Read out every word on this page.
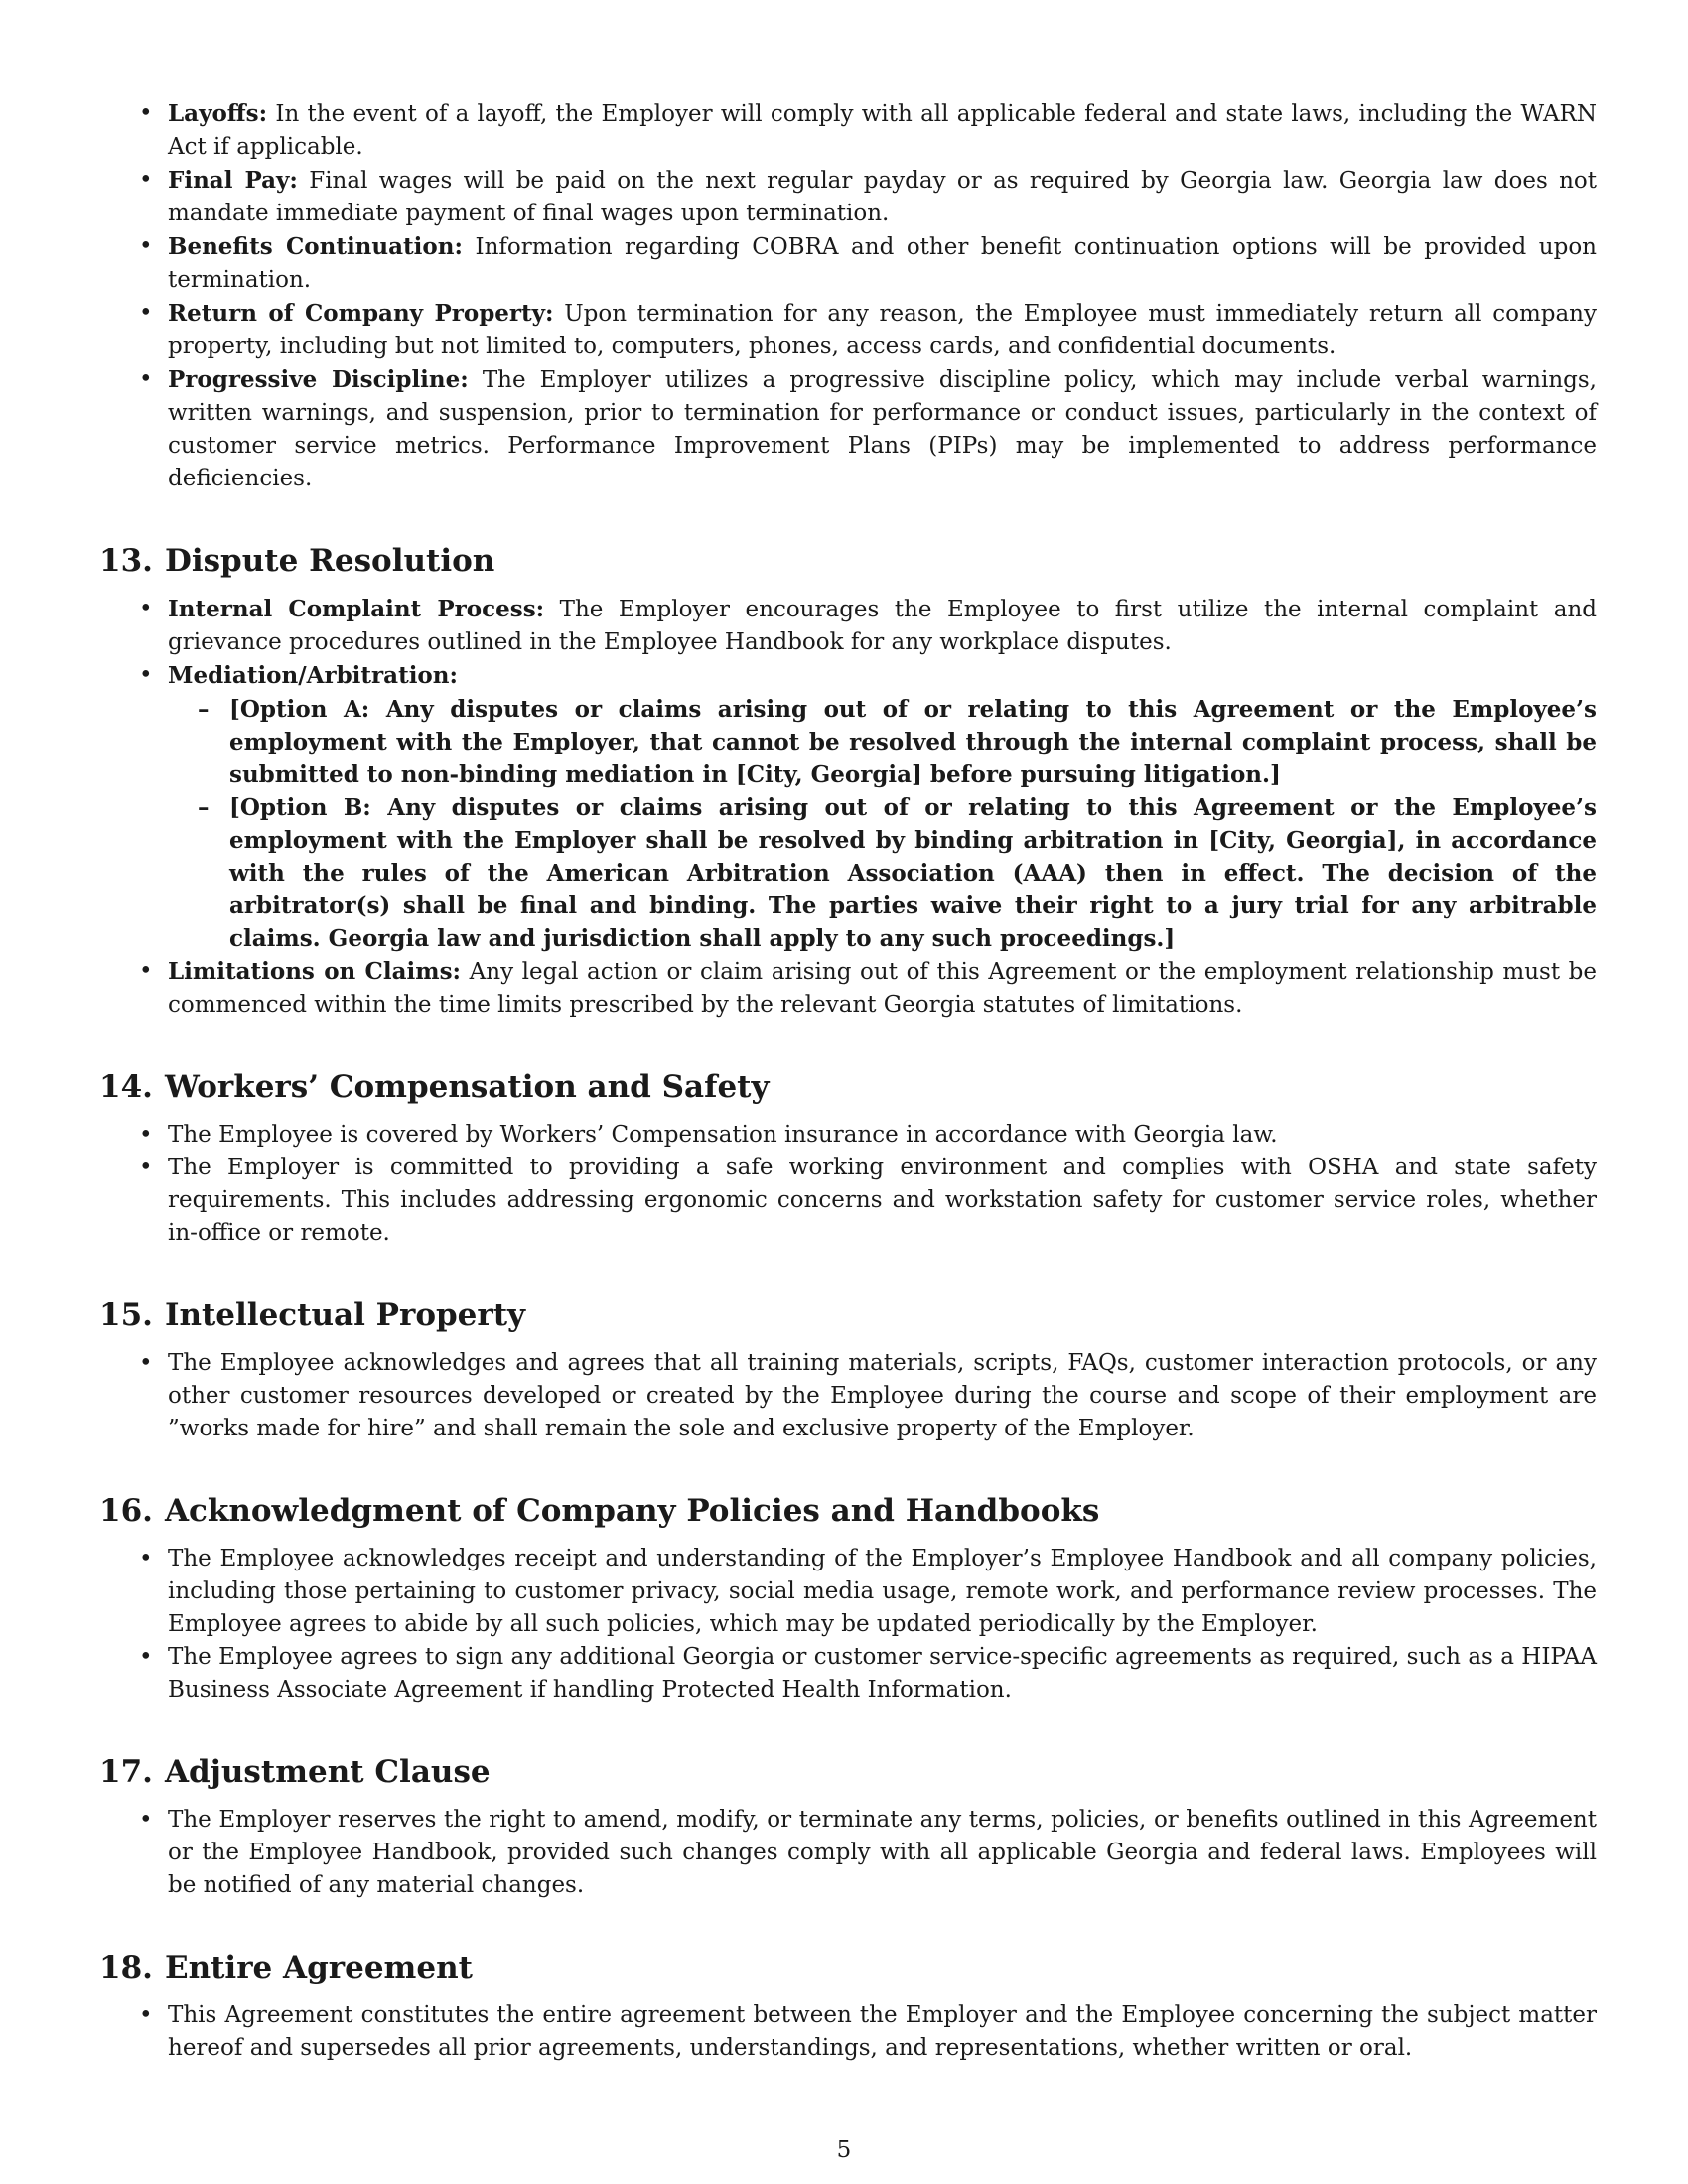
• Layoffs: In the event of a layoff, the Employer will comply with all applicable federal and state laws, including the WARN Act if applicable.
• Final Pay: Final wages will be paid on the next regular payday or as required by Georgia law. Georgia law does not mandate immediate payment of final wages upon termination.
• Benefits Continuation: Information regarding COBRA and other benefit continuation options will be provided upon termination.
• Return of Company Property: Upon termination for any reason, the Employee must immediately return all company property, including but not limited to, computers, phones, access cards, and confidential documents.
• Progressive Discipline: The Employer utilizes a progressive discipline policy, which may include verbal warnings, written warnings, and suspension, prior to termination for performance or conduct issues, particularly in the context of customer service metrics. Performance Improvement Plans (PIPs) may be implemented to address performance deficiencies.
13. Dispute Resolution
• Internal Complaint Process: The Employer encourages the Employee to first utilize the internal complaint and grievance procedures outlined in the Employee Handbook for any workplace disputes.
• Mediation/Arbitration:
– [Option A: Any disputes or claims arising out of or relating to this Agreement or the Employee’s employment with the Employer, that cannot be resolved through the internal complaint process, shall be submitted to non-binding mediation in [City, Georgia] before pursuing litigation.]
– [Option B: Any disputes or claims arising out of or relating to this Agreement or the Employee’s employment with the Employer shall be resolved by binding arbitration in [City, Georgia], in accordance with the rules of the American Arbitration Association (AAA) then in effect. The decision of the arbitrator(s) shall be final and binding. The parties waive their right to a jury trial for any arbitrable claims. Georgia law and jurisdiction shall apply to any such proceedings.]
• Limitations on Claims: Any legal action or claim arising out of this Agreement or the employment relationship must be commenced within the time limits prescribed by the relevant Georgia statutes of limitations.
14. Workers’ Compensation and Safety
• The Employee is covered by Workers’ Compensation insurance in accordance with Georgia law.
• The Employer is committed to providing a safe working environment and complies with OSHA and state safety requirements. This includes addressing ergonomic concerns and workstation safety for customer service roles, whether in-office or remote.
15. Intellectual Property
• The Employee acknowledges and agrees that all training materials, scripts, FAQs, customer interaction protocols, or any other customer resources developed or created by the Employee during the course and scope of their employment are ”works made for hire” and shall remain the sole and exclusive property of the Employer.
16. Acknowledgment of Company Policies and Handbooks
• The Employee acknowledges receipt and understanding of the Employer’s Employee Handbook and all company policies, including those pertaining to customer privacy, social media usage, remote work, and performance review processes. The Employee agrees to abide by all such policies, which may be updated periodically by the Employer.
• The Employee agrees to sign any additional Georgia or customer service-specific agreements as required, such as a HIPAA Business Associate Agreement if handling Protected Health Information.
17. Adjustment Clause
• The Employer reserves the right to amend, modify, or terminate any terms, policies, or benefits outlined in this Agreement or the Employee Handbook, provided such changes comply with all applicable Georgia and federal laws. Employees will be notified of any material changes.
18. Entire Agreement
• This Agreement constitutes the entire agreement between the Employer and the Employee concerning the subject matter hereof and supersedes all prior agreements, understandings, and representations, whether written or oral.
5
